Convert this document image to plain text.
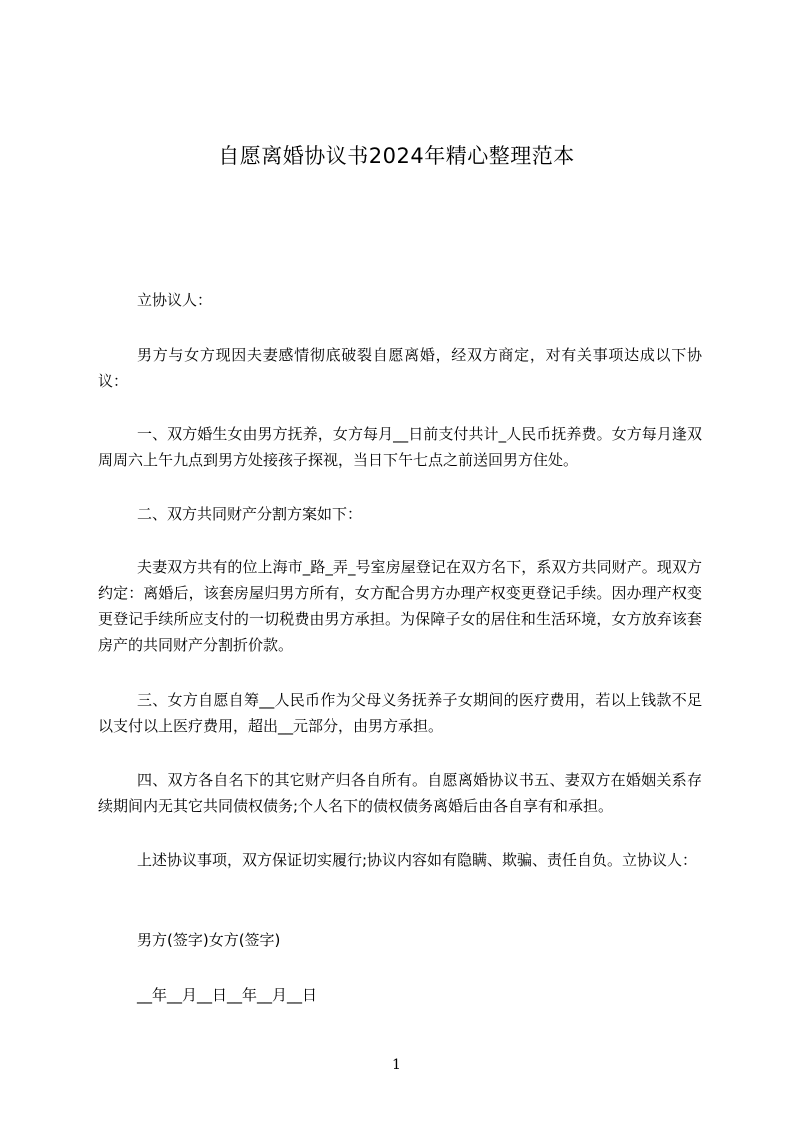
自愿离婚协议书2024年精心整理范本
立协议人：
男方与女方现因夫妻感情彻底破裂自愿离婚，经双方商定，对有关事项达成以下协议：
一、双方婚生女由男方抚养，女方每月__日前支付共计_人民币抚养费。女方每月逢双周周六上午九点到男方处接孩子探视，当日下午七点之前送回男方住处。
二、双方共同财产分割方案如下：
夫妻双方共有的位上海市_路_弄_号室房屋登记在双方名下，系双方共同财产。现双方约定：离婚后，该套房屋归男方所有，女方配合男方办理产权变更登记手续。因办理产权变更登记手续所应支付的一切税费由男方承担。为保障子女的居住和生活环境，女方放弃该套房产的共同财产分割折价款。
三、女方自愿自筹__人民币作为父母义务抚养子女期间的医疗费用，若以上钱款不足以支付以上医疗费用，超出__元部分，由男方承担。
四、双方各自名下的其它财产归各自所有。自愿离婚协议书五、妻双方在婚姻关系存续期间内无其它共同债权债务;个人名下的债权债务离婚后由各自享有和承担。
上述协议事项，双方保证切实履行;协议内容如有隐瞒、欺骗、责任自负。立协议人：
男方(签字)女方(签字)
__年__月__日__年__月__日
1
